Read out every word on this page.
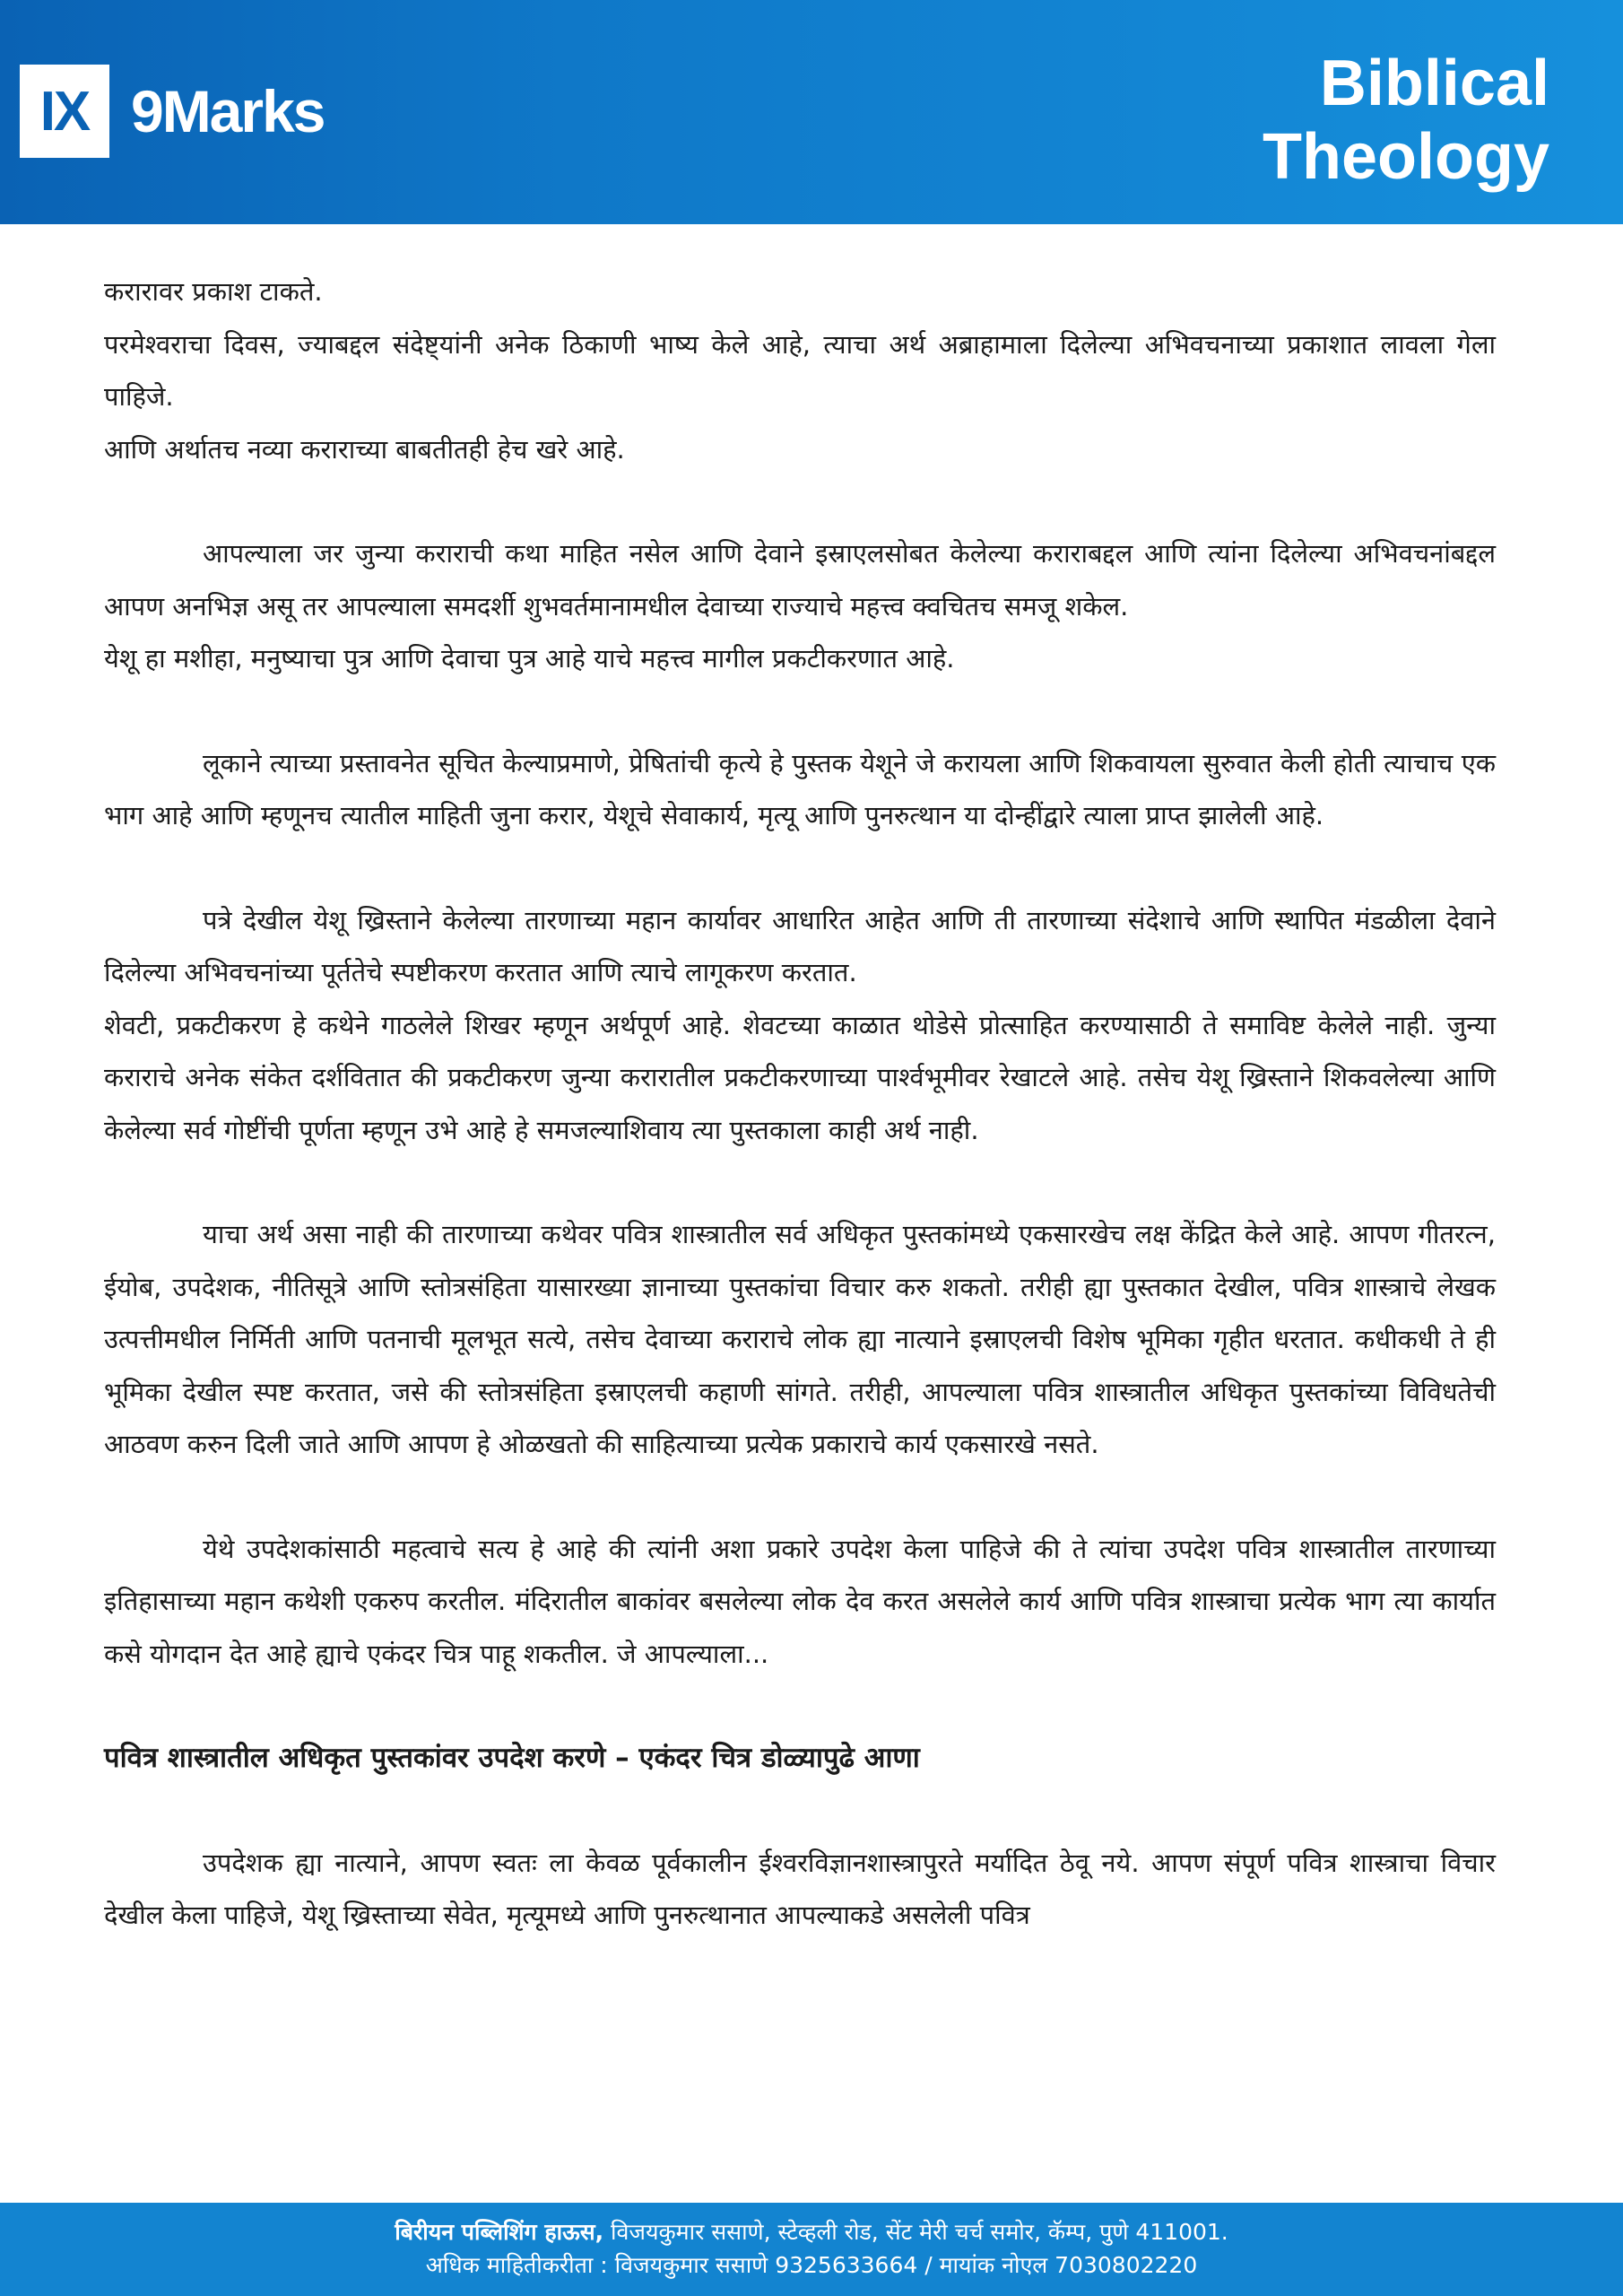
IX 9Marks	Biblical
Theology

करारावर प्रकाश टाकते.

परमेश्वराचा दिवस, ज्याबद्दल संदेष्ट्यांनी अनेक ठिकाणी भाष्य केले आहे, त्याचा अर्थ अब्राहामाला दिलेल्या अभिवचनाच्या प्रकाशात लावला गेला पाहिजे.

आणि अर्थातच नव्या कराराच्या बाबतीतही हेच खरे आहे.

आपल्याला जर जुन्या कराराची कथा माहित नसेल आणि देवाने इस्राएलसोबत केलेल्या कराराबद्दल आणि त्यांना दिलेल्या अभिवचनांबद्दल आपण अनभिज्ञ असू तर आपल्याला समदर्शी शुभवर्तमानामधील देवाच्या राज्याचे महत्त्व क्वचितच समजू शकेल.

येशू हा मशीहा, मनुष्याचा पुत्र आणि देवाचा पुत्र आहे याचे महत्त्व मागील प्रकटीकरणात आहे.

लूकाने त्याच्या प्रस्तावनेत सूचित केल्याप्रमाणे, प्रेषितांची कृत्ये हे पुस्तक येशूने जे करायला आणि शिकवायला सुरुवात केली होती त्याचाच एक भाग आहे आणि म्हणूनच त्यातील माहिती जुना करार, येशूचे सेवाकार्य, मृत्यू आणि पुनरुत्थान या दोन्हींद्वारे त्याला प्राप्त झालेली आहे.

पत्रे देखील येशू ख्रिस्ताने केलेल्या तारणाच्या महान कार्यावर आधारित आहेत आणि ती तारणाच्या संदेशाचे आणि स्थापित मंडळीला देवाने दिलेल्या अभिवचनांच्या पूर्ततेचे स्पष्टीकरण करतात आणि त्याचे लागूकरण करतात.

शेवटी, प्रकटीकरण हे कथेने गाठलेले शिखर म्हणून अर्थपूर्ण आहे. शेवटच्या काळात थोडेसे प्रोत्साहित करण्यासाठी ते समाविष्ट केलेले नाही. जुन्या कराराचे अनेक संकेत दर्शवितात की प्रकटीकरण जुन्या करारातील प्रकटीकरणाच्या पार्श्वभूमीवर रेखाटले आहे. तसेच येशू ख्रिस्ताने शिकवलेल्या आणि केलेल्या सर्व गोष्टींची पूर्णता म्हणून उभे आहे हे समजल्याशिवाय त्या पुस्तकाला काही अर्थ नाही.

याचा अर्थ असा नाही की तारणाच्या कथेवर पवित्र शास्त्रातील सर्व अधिकृत पुस्तकांमध्ये एकसारखेच लक्ष केंद्रित केले आहे. आपण गीतरत्न, ईयोब, उपदेशक, नीतिसूत्रे आणि स्तोत्रसंहिता यासारख्या ज्ञानाच्या पुस्तकांचा विचार करु शकतो. तरीही ह्या पुस्तकात देखील, पवित्र शास्त्राचे लेखक उत्पत्तीमधील निर्मिती आणि पतनाची मूलभूत सत्ये, तसेच देवाच्या कराराचे लोक ह्या नात्याने इस्राएलची विशेष भूमिका गृहीत धरतात. कधीकधी ते ही भूमिका देखील स्पष्ट करतात, जसे की स्तोत्रसंहिता इस्राएलची कहाणी सांगते. तरीही, आपल्याला पवित्र शास्त्रातील अधिकृत पुस्तकांच्या विविधतेची आठवण करुन दिली जाते आणि आपण हे ओळखतो की साहित्याच्या प्रत्येक प्रकाराचे कार्य एकसारखे नसते.

येथे उपदेशकांसाठी महत्वाचे सत्य हे आहे की त्यांनी अशा प्रकारे उपदेश केला पाहिजे की ते त्यांचा उपदेश पवित्र शास्त्रातील तारणाच्या इतिहासाच्या महान कथेशी एकरुप करतील. मंदिरातील बाकांवर बसलेल्या लोक देव करत असलेले कार्य आणि पवित्र शास्त्राचा प्रत्येक भाग त्या कार्यात कसे योगदान देत आहे ह्याचे एकंदर चित्र पाहू शकतील. जे आपल्याला...

पवित्र शास्त्रातील अधिकृत पुस्तकांवर उपदेश करणे – एकंदर चित्र डोळ्यापुढे आणा

उपदेशक ह्या नात्याने, आपण स्वतः ला केवळ पूर्वकालीन ईश्वरविज्ञानशास्त्रापुरते मर्यादित ठेवू नये. आपण संपूर्ण पवित्र शास्त्राचा विचार देखील केला पाहिजे, येशू ख्रिस्ताच्या सेवेत, मृत्यूमध्ये आणि पुनरुत्थानात आपल्याकडे असलेली पवित्र

बिरीयन पब्लिशिंग हाऊस, विजयकुमार ससाणे, स्टेव्हली रोड, सेंट मेरी चर्च समोर, कॅम्प, पुणे 411001.
अधिक माहितीकरीता : विजयकुमार ससाणे 9325633664 / मायांक नोएल 7030802220
